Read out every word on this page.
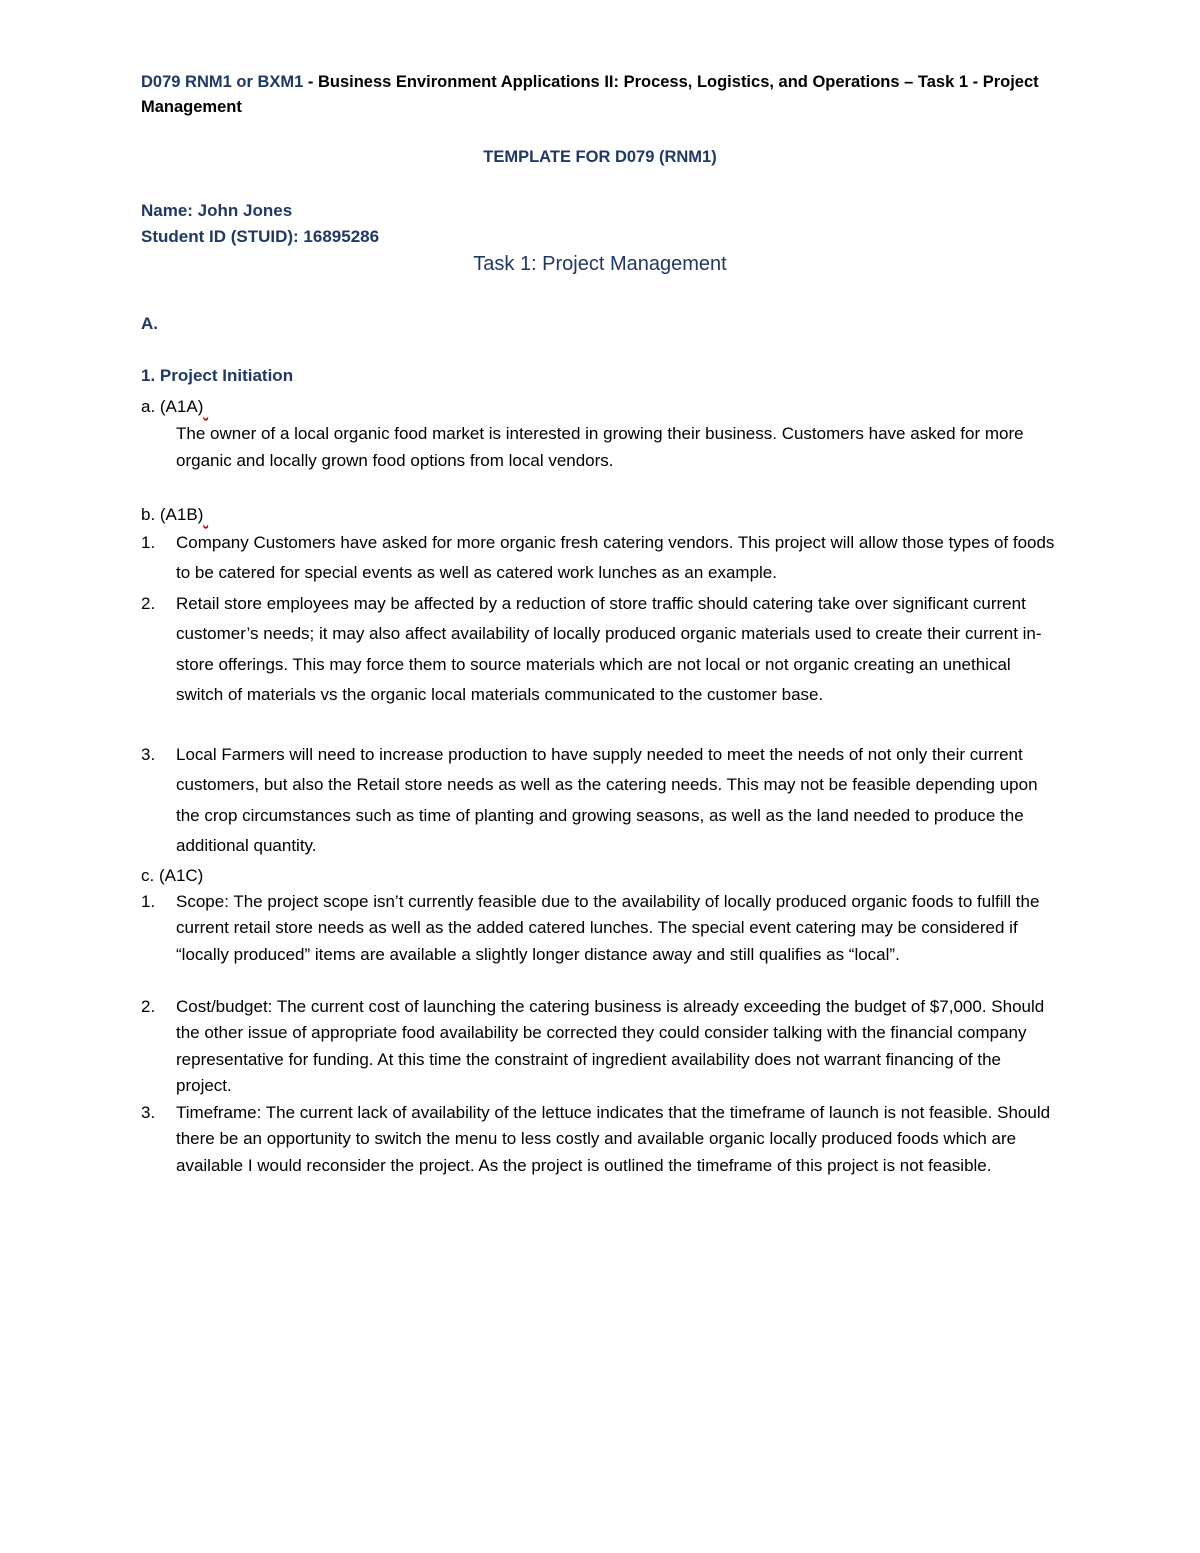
D079 RNM1 or BXM1 - Business Environment Applications II: Process, Logistics, and Operations – Task 1 - Project
Management
TEMPLATE FOR D079 (RNM1)
Name: John Jones
Student ID (STUID): 16895286
Task 1: Project Management
A.
1. Project Initiation
a. (A1A)
The owner of a local organic food market is interested in growing their business. Customers have asked for more organic and locally grown food options from local vendors.
b. (A1B)
1. Company Customers have asked for more organic fresh catering vendors. This project will allow those types of foods to be catered for special events as well as catered work lunches as an example.
2. Retail store employees may be affected by a reduction of store traffic should catering take over significant current customer’s needs; it may also affect availability of locally produced organic materials used to create their current in-store offerings. This may force them to source materials which are not local or not organic creating an unethical switch of materials vs the organic local materials communicated to the customer base.
3. Local Farmers will need to increase production to have supply needed to meet the needs of not only their current customers, but also the Retail store needs as well as the catering needs. This may not be feasible depending upon the crop circumstances such as time of planting and growing seasons, as well as the land needed to produce the additional quantity.
c. (A1C)
1. Scope: The project scope isn’t currently feasible due to the availability of locally produced organic foods to fulfill the current retail store needs as well as the added catered lunches. The special event catering may be considered if “locally produced” items are available a slightly longer distance away and still qualifies as “local”.
2. Cost/budget: The current cost of launching the catering business is already exceeding the budget of $7,000. Should the other issue of appropriate food availability be corrected they could consider talking with the financial company representative for funding. At this time the constraint of ingredient availability does not warrant financing of the project.
3. Timeframe: The current lack of availability of the lettuce indicates that the timeframe of launch is not feasible. Should there be an opportunity to switch the menu to less costly and available organic locally produced foods which are available I would reconsider the project. As the project is outlined the timeframe of this project is not feasible.
